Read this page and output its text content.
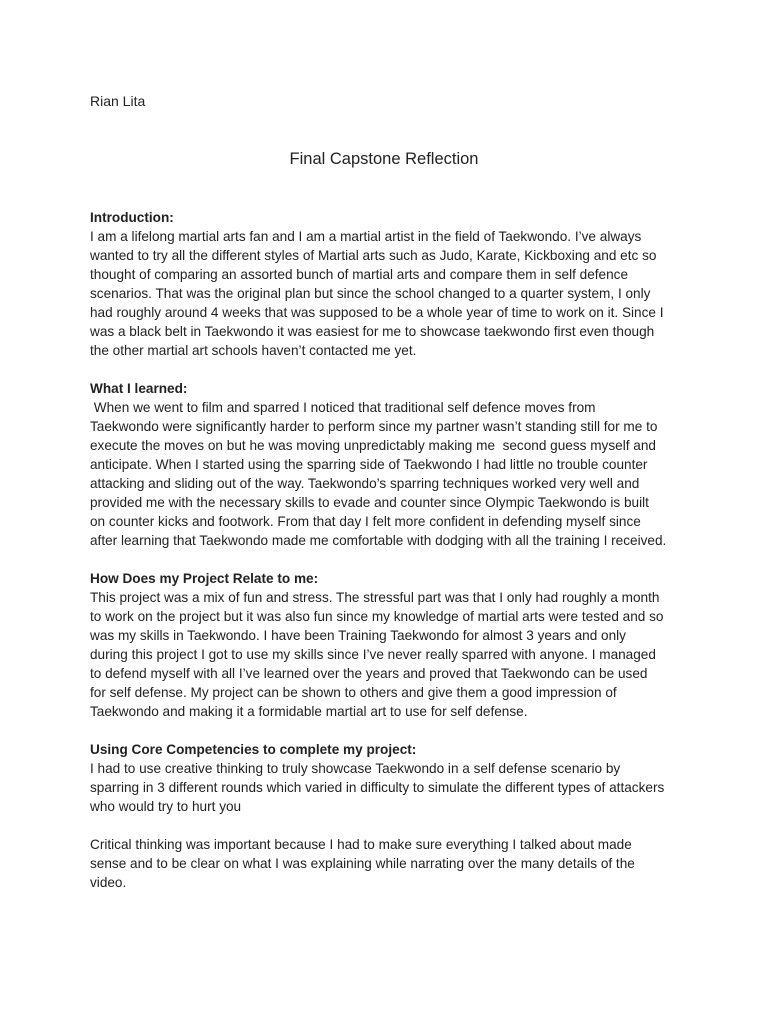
Rian Lita
Final Capstone Reflection
Introduction:
I am a lifelong martial arts fan and I am a martial artist in the field of Taekwondo. I’ve always
wanted to try all the different styles of Martial arts such as Judo, Karate, Kickboxing and etc so
thought of comparing an assorted bunch of martial arts and compare them in self defence
scenarios. That was the original plan but since the school changed to a quarter system, I only
had roughly around 4 weeks that was supposed to be a whole year of time to work on it. Since I
was a black belt in Taekwondo it was easiest for me to showcase taekwondo first even though
the other martial art schools haven’t contacted me yet.
What I learned:
When we went to film and sparred I noticed that traditional self defence moves from
Taekwondo were significantly harder to perform since my partner wasn’t standing still for me to
execute the moves on but he was moving unpredictably making me  second guess myself and
anticipate. When I started using the sparring side of Taekwondo I had little no trouble counter
attacking and sliding out of the way. Taekwondo’s sparring techniques worked very well and
provided me with the necessary skills to evade and counter since Olympic Taekwondo is built
on counter kicks and footwork. From that day I felt more confident in defending myself since
after learning that Taekwondo made me comfortable with dodging with all the training I received.
How Does my Project Relate to me:
This project was a mix of fun and stress. The stressful part was that I only had roughly a month
to work on the project but it was also fun since my knowledge of martial arts were tested and so
was my skills in Taekwondo. I have been Training Taekwondo for almost 3 years and only
during this project I got to use my skills since I’ve never really sparred with anyone. I managed
to defend myself with all I’ve learned over the years and proved that Taekwondo can be used
for self defense. My project can be shown to others and give them a good impression of
Taekwondo and making it a formidable martial art to use for self defense.
Using Core Competencies to complete my project:
I had to use creative thinking to truly showcase Taekwondo in a self defense scenario by
sparring in 3 different rounds which varied in difficulty to simulate the different types of attackers
who would try to hurt you
Critical thinking was important because I had to make sure everything I talked about made
sense and to be clear on what I was explaining while narrating over the many details of the
video.
